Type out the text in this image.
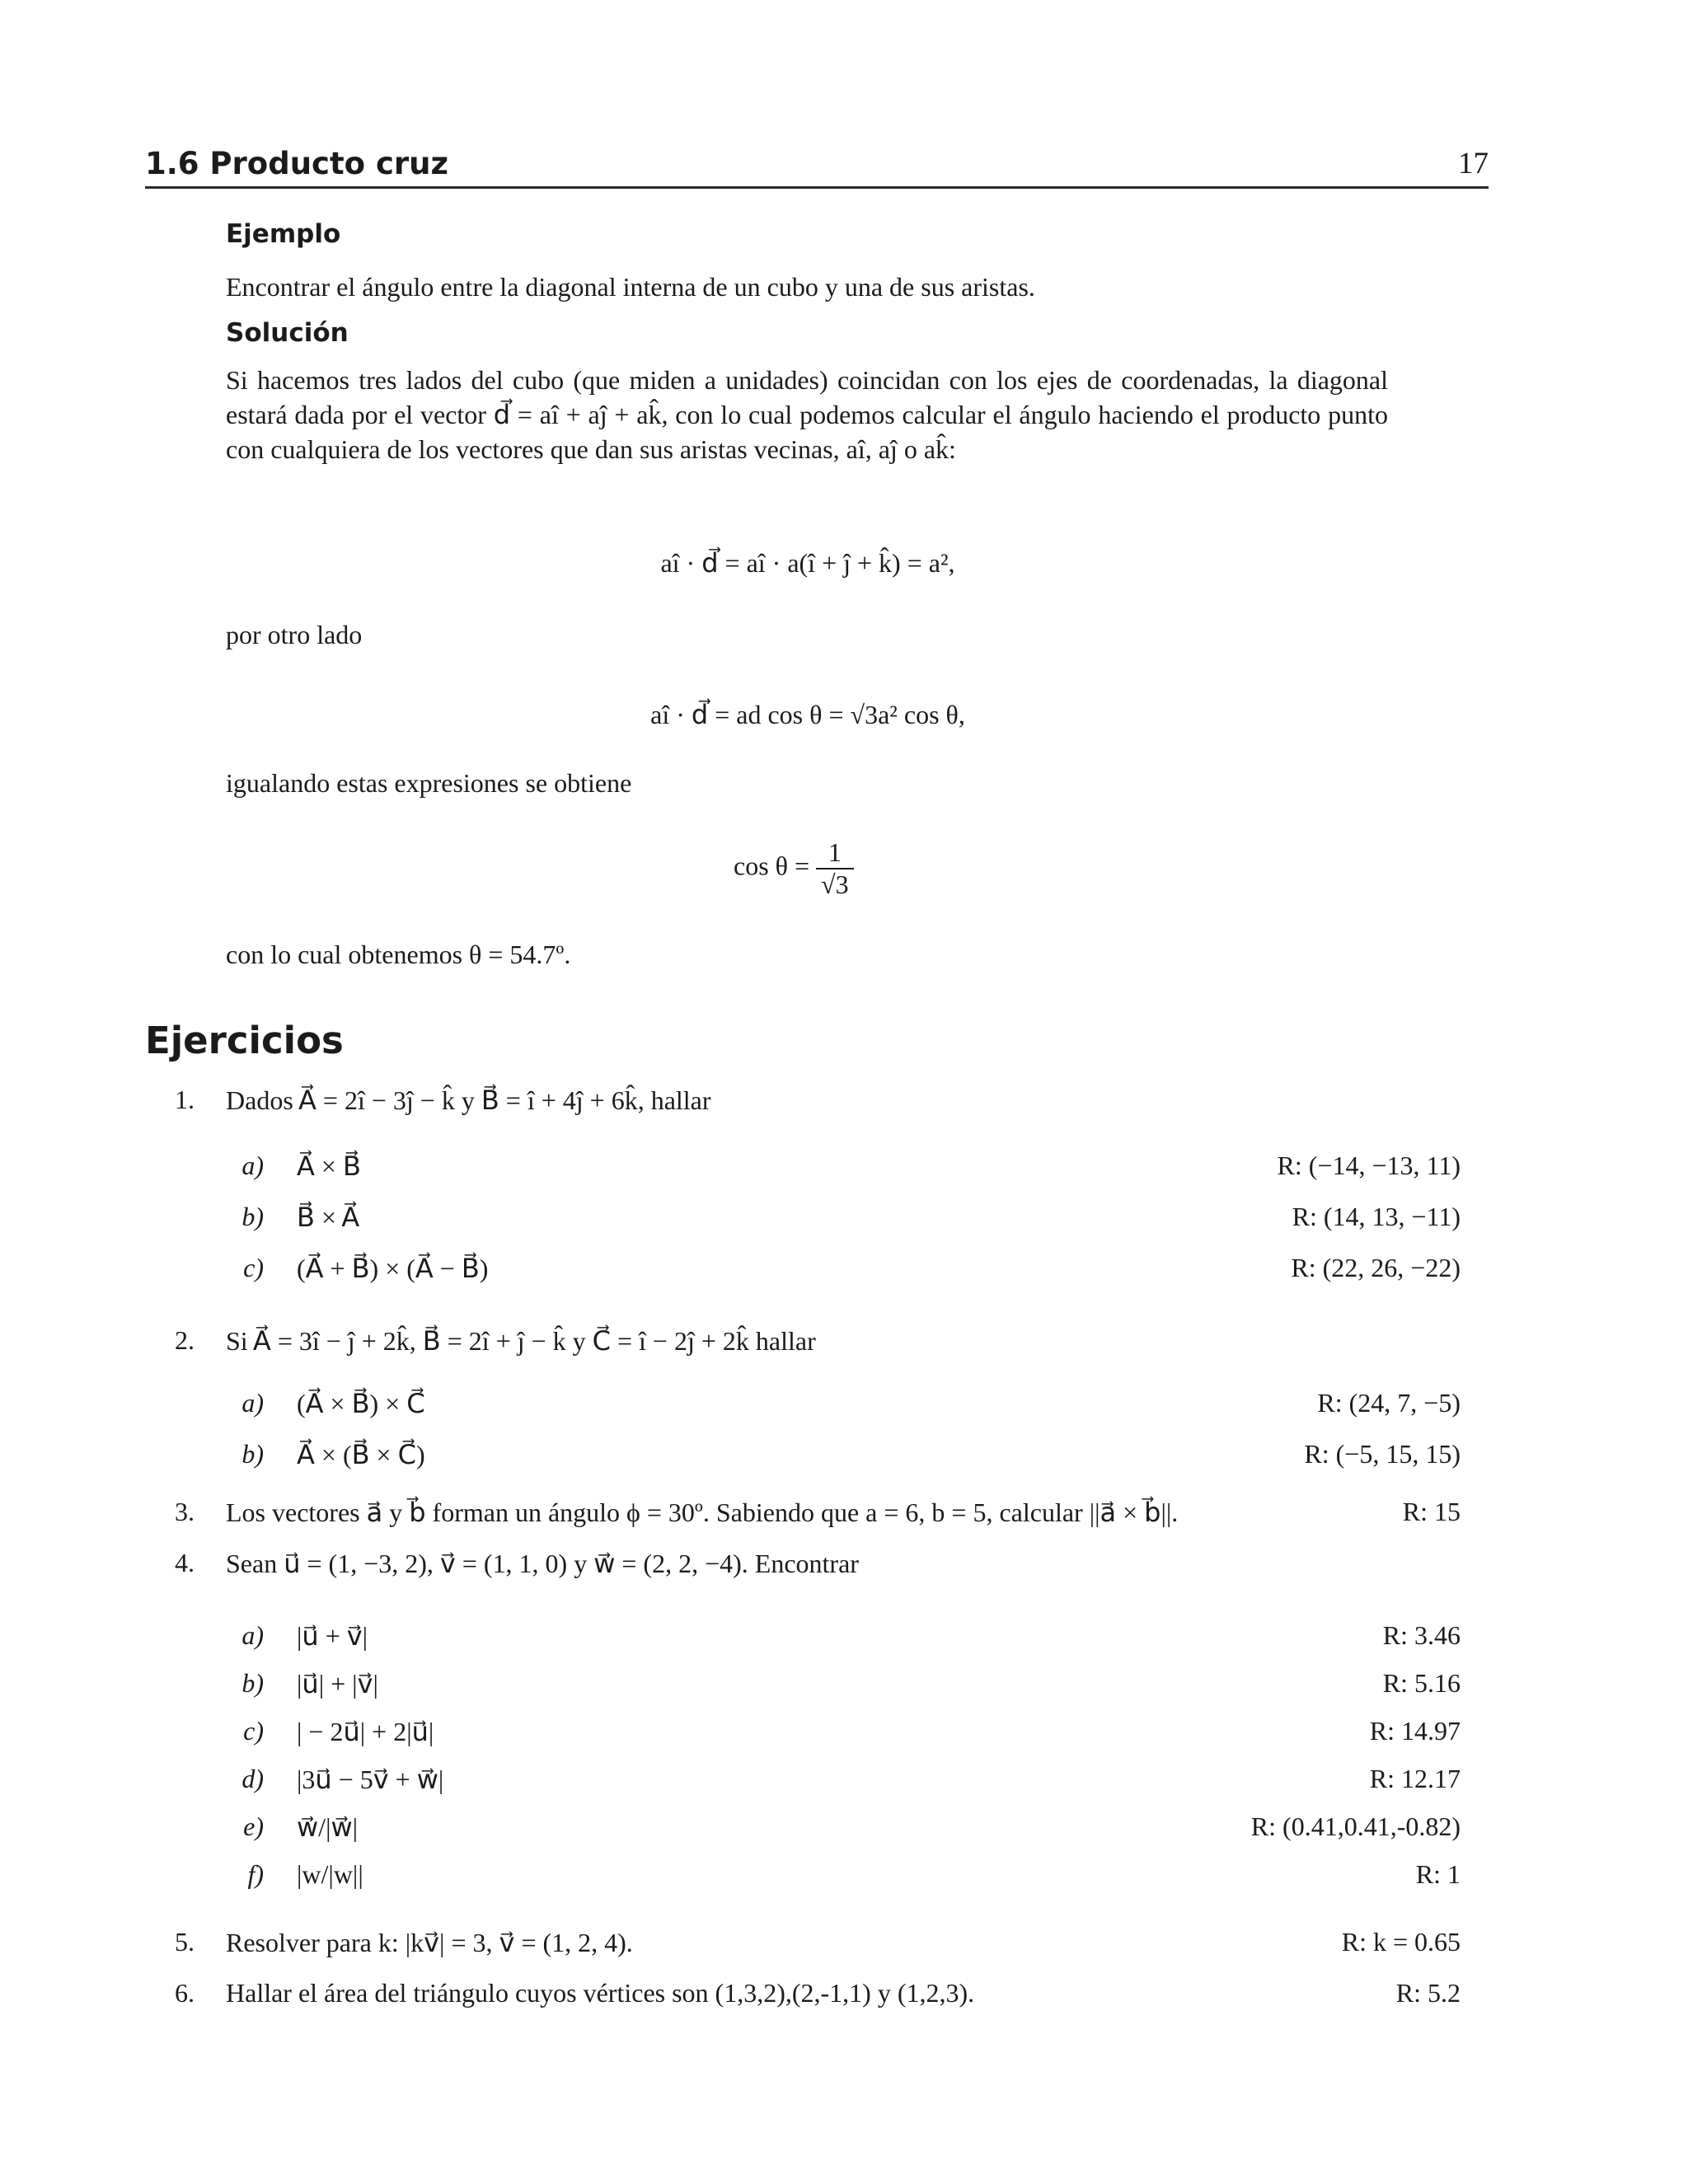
1.6 Producto cruz	17
Ejemplo
Encontrar el ángulo entre la diagonal interna de un cubo y una de sus aristas.
Solución
Si hacemos tres lados del cubo (que miden a unidades) coincidan con los ejes de coordenadas, la diagonal estará dada por el vector d⃗ = aî + aĵ + ak̂, con lo cual podemos calcular el ángulo haciendo el producto punto con cualquiera de los vectores que dan sus aristas vecinas, aî, aĵ o ak̂:
aî · d⃗ = aî · a(î + ĵ + k̂) = a²,
por otro lado
aî · d⃗ = ad cos θ = √3a² cos θ,
igualando estas expresiones se obtiene
$\cos \theta = \frac{1}{√3}$
con lo cual obtenemos θ = 54.7º.
Ejercicios
1. Dados A⃗ = 2î − 3ĵ − k̂ y B⃗ = î + 4ĵ + 6k̂, hallar
a) A⃗ × B⃗	R: (−14, −13, 11)
b) B⃗ × A⃗	R: (14, 13, −11)
c) (A⃗ + B⃗) × (A⃗ − B⃗)	R: (22, 26, −22)
2. Si A⃗ = 3î − ĵ + 2k̂, B⃗ = 2î + ĵ − k̂ y C⃗ = î − 2ĵ + 2k̂ hallar
a) (A⃗ × B⃗) × C⃗	R: (24, 7, −5)
b) A⃗ × (B⃗ × C⃗)	R: (−5, 15, 15)
3. Los vectores a⃗ y b⃗ forman un ángulo ϕ = 30º. Sabiendo que a = 6, b = 5, calcular ||a⃗ × b⃗||.	R: 15
4. Sean u⃗ = (1, −3, 2), v⃗ = (1, 1, 0) y w⃗ = (2, 2, −4). Encontrar
a) |u⃗ + v⃗|	R: 3.46
b) |u⃗| + |v⃗|	R: 5.16
c) | − 2u⃗| + 2|u⃗|	R: 14.97
d) |3u⃗ − 5v⃗ + w⃗|	R: 12.17
e) w⃗/|w⃗|	R: (0.41,0.41,-0.82)
f) |w/|w||	R: 1
5. Resolver para k: |kv⃗| = 3, v⃗ = (1, 2, 4).	R: k = 0.65
6. Hallar el área del triángulo cuyos vértices son (1,3,2),(2,-1,1) y (1,2,3).	R: 5.2
